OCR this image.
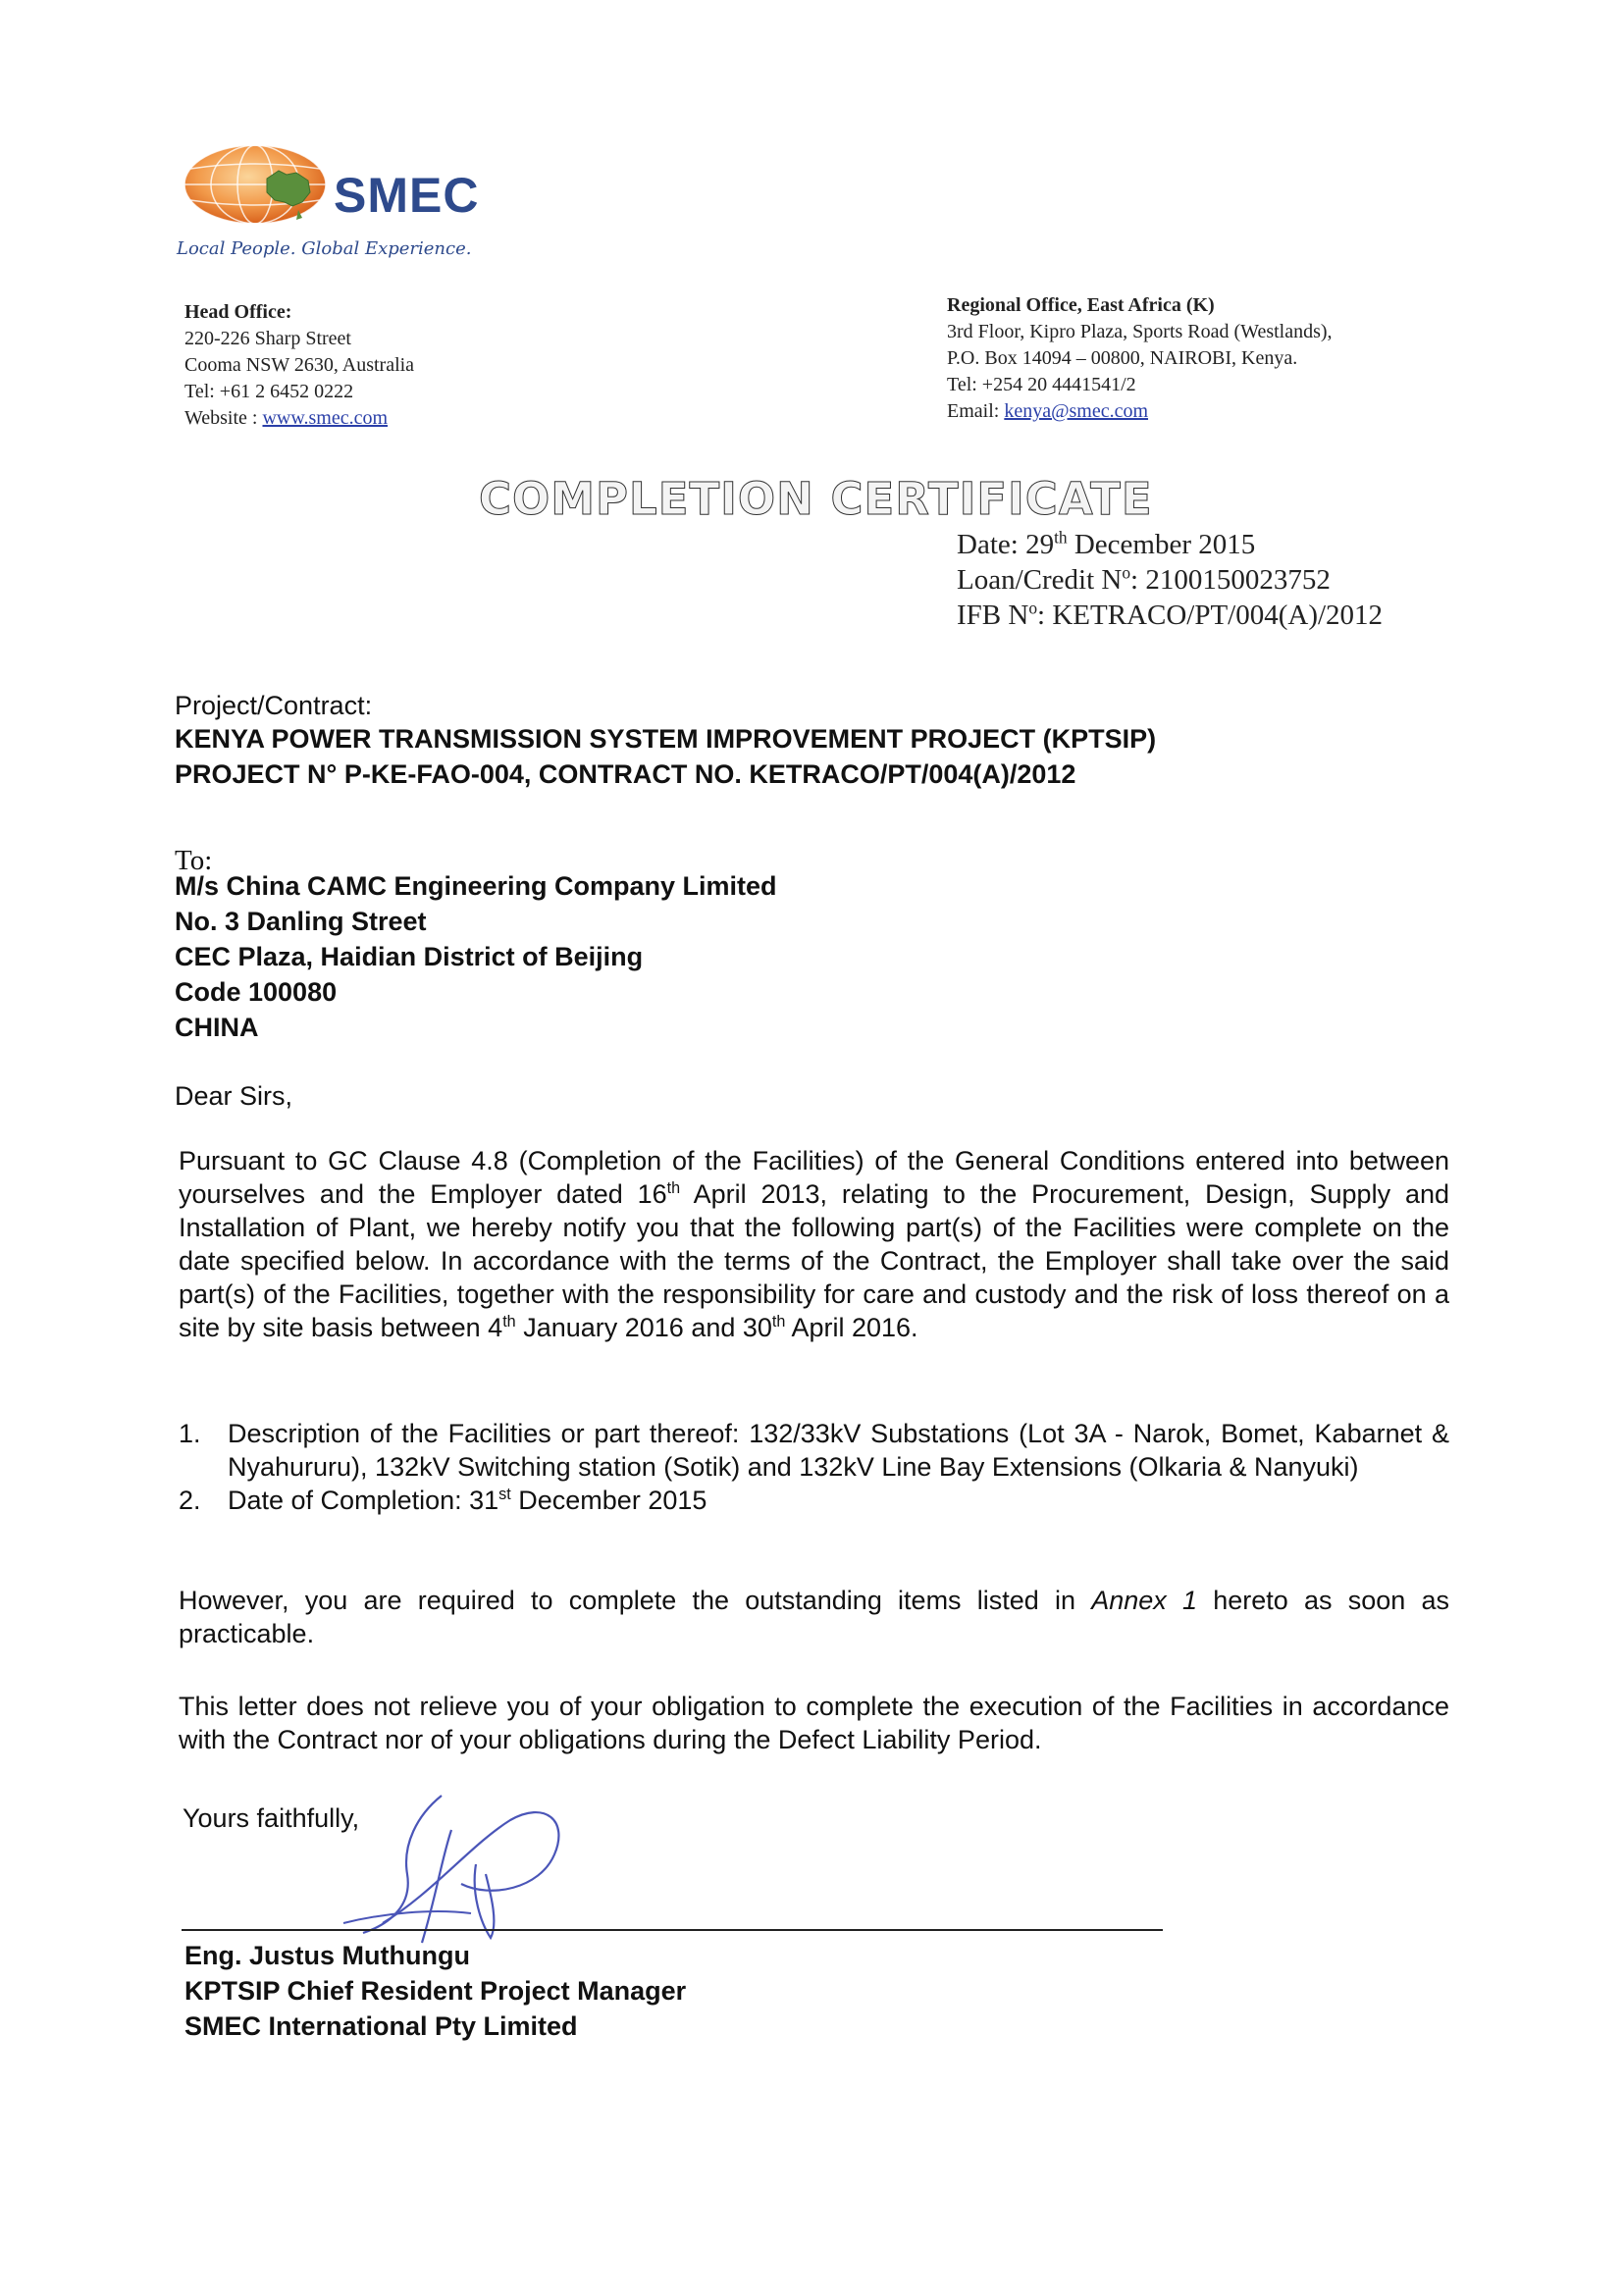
SMEC
Local People. Global Experience.
Head Office:
220-226 Sharp Street
Cooma NSW 2630, Australia
Tel: +61 2 6452 0222
Website : www.smec.com
Regional Office, East Africa (K)
3rd Floor, Kipro Plaza, Sports Road (Westlands),
P.O. Box 14094 – 00800, NAIROBI, Kenya.
Tel: +254 20 4441541/2
Email: kenya@smec.com
COMPLETION CERTIFICATE
Date: 29th December 2015
Loan/Credit $N^o$: 2100150023752
IFB $N^o$: KETRACO/PT/004(A)/2012
Project/Contract:
KENYA POWER TRANSMISSION SYSTEM IMPROVEMENT PROJECT (KPTSIP)
PROJECT N° P-KE-FAO-004, CONTRACT NO. KETRACO/PT/004(A)/2012
To:
M/s China CAMC Engineering Company Limited
No. 3 Danling Street
CEC Plaza, Haidian District of Beijing
Code 100080
CHINA
Dear Sirs,
Pursuant to GC Clause 4.8 (Completion of the Facilities) of the General Conditions entered into between yourselves and the Employer dated 16th April 2013, relating to the Procurement, Design, Supply and Installation of Plant, we hereby notify you that the following part(s) of the Facilities were complete on the date specified below. In accordance with the terms of the Contract, the Employer shall take over the said part(s) of the Facilities, together with the responsibility for care and custody and the risk of loss thereof on a site by site basis between 4th January 2016 and 30th April 2016.
1. Description of the Facilities or part thereof: 132/33kV Substations (Lot 3A - Narok, Bomet, Kabarnet & Nyahururu), 132kV Switching station (Sotik) and 132kV Line Bay Extensions (Olkaria & Nanyuki)
2. Date of Completion: 31st December 2015
However, you are required to complete the outstanding items listed in Annex 1 hereto as soon as practicable.
This letter does not relieve you of your obligation to complete the execution of the Facilities in accordance with the Contract nor of your obligations during the Defect Liability Period.
Yours faithfully,
Eng. Justus Muthungu
KPTSIP Chief Resident Project Manager
SMEC International Pty Limited
